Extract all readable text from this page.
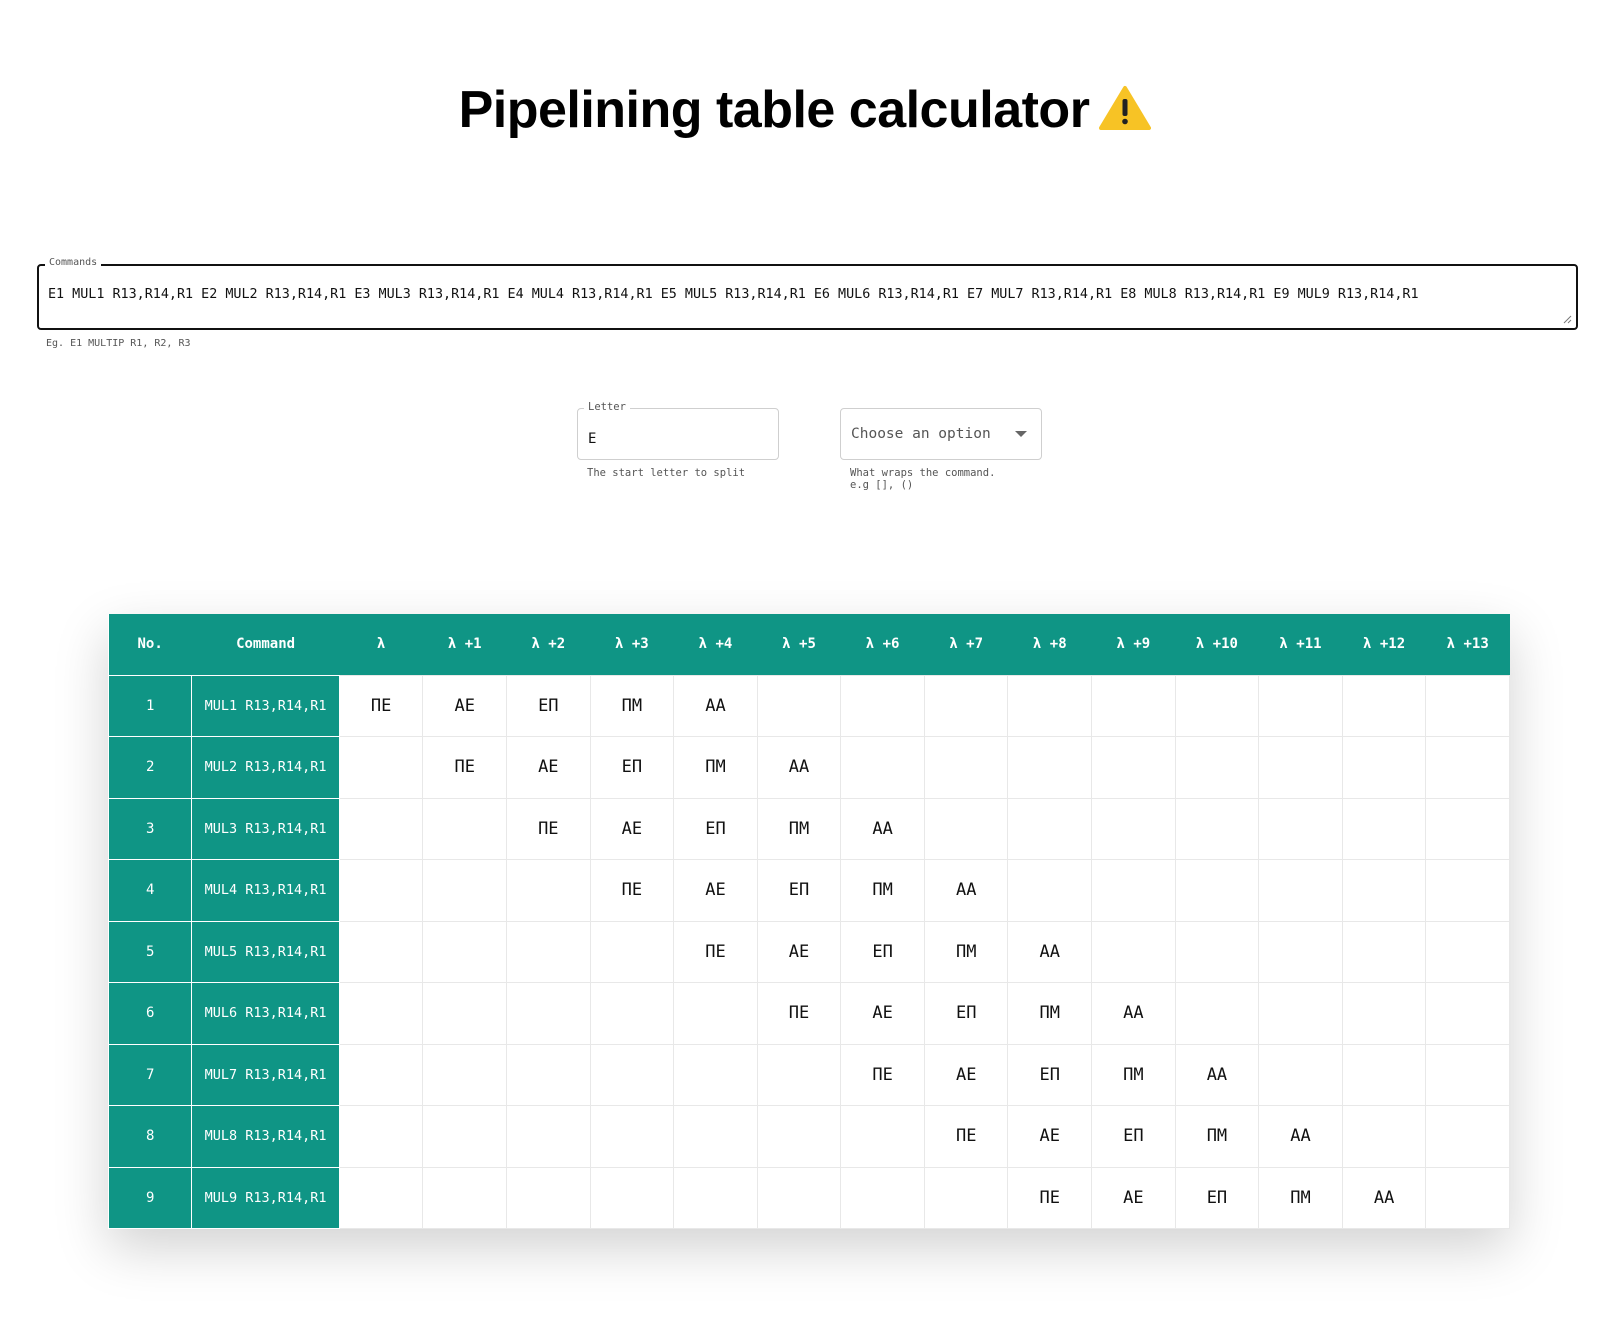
Pipelining table calculator
Commands
E1 MUL1 R13,R14,R1 E2 MUL2 R13,R14,R1 E3 MUL3 R13,R14,R1 E4 MUL4 R13,R14,R1 E5 MUL5 R13,R14,R1 E6 MUL6 R13,R14,R1 E7 MUL7 R13,R14,R1 E8 MUL8 R13,R14,R1 E9 MUL9 R13,R14,R1
Eg. E1 MULTIP R1, R2, R3
Letter
E
The start letter to split
Choose an option
What wraps the command.
e.g [], ()
No.	Command	λ	λ +1	λ +2	λ +3	λ +4	λ +5	λ +6	λ +7	λ +8	λ +9	λ +10	λ +11	λ +12	λ +13
1	MUL1 R13,R14,R1	ΠΕ	ΑΕ	ΕΠ	ΠΜ	ΑΑ									
2	MUL2 R13,R14,R1		ΠΕ	ΑΕ	ΕΠ	ΠΜ	ΑΑ								
3	MUL3 R13,R14,R1			ΠΕ	ΑΕ	ΕΠ	ΠΜ	ΑΑ							
4	MUL4 R13,R14,R1				ΠΕ	ΑΕ	ΕΠ	ΠΜ	ΑΑ						
5	MUL5 R13,R14,R1					ΠΕ	ΑΕ	ΕΠ	ΠΜ	ΑΑ					
6	MUL6 R13,R14,R1						ΠΕ	ΑΕ	ΕΠ	ΠΜ	ΑΑ				
7	MUL7 R13,R14,R1							ΠΕ	ΑΕ	ΕΠ	ΠΜ	ΑΑ			
8	MUL8 R13,R14,R1								ΠΕ	ΑΕ	ΕΠ	ΠΜ	ΑΑ		
9	MUL9 R13,R14,R1									ΠΕ	ΑΕ	ΕΠ	ΠΜ	ΑΑ	
